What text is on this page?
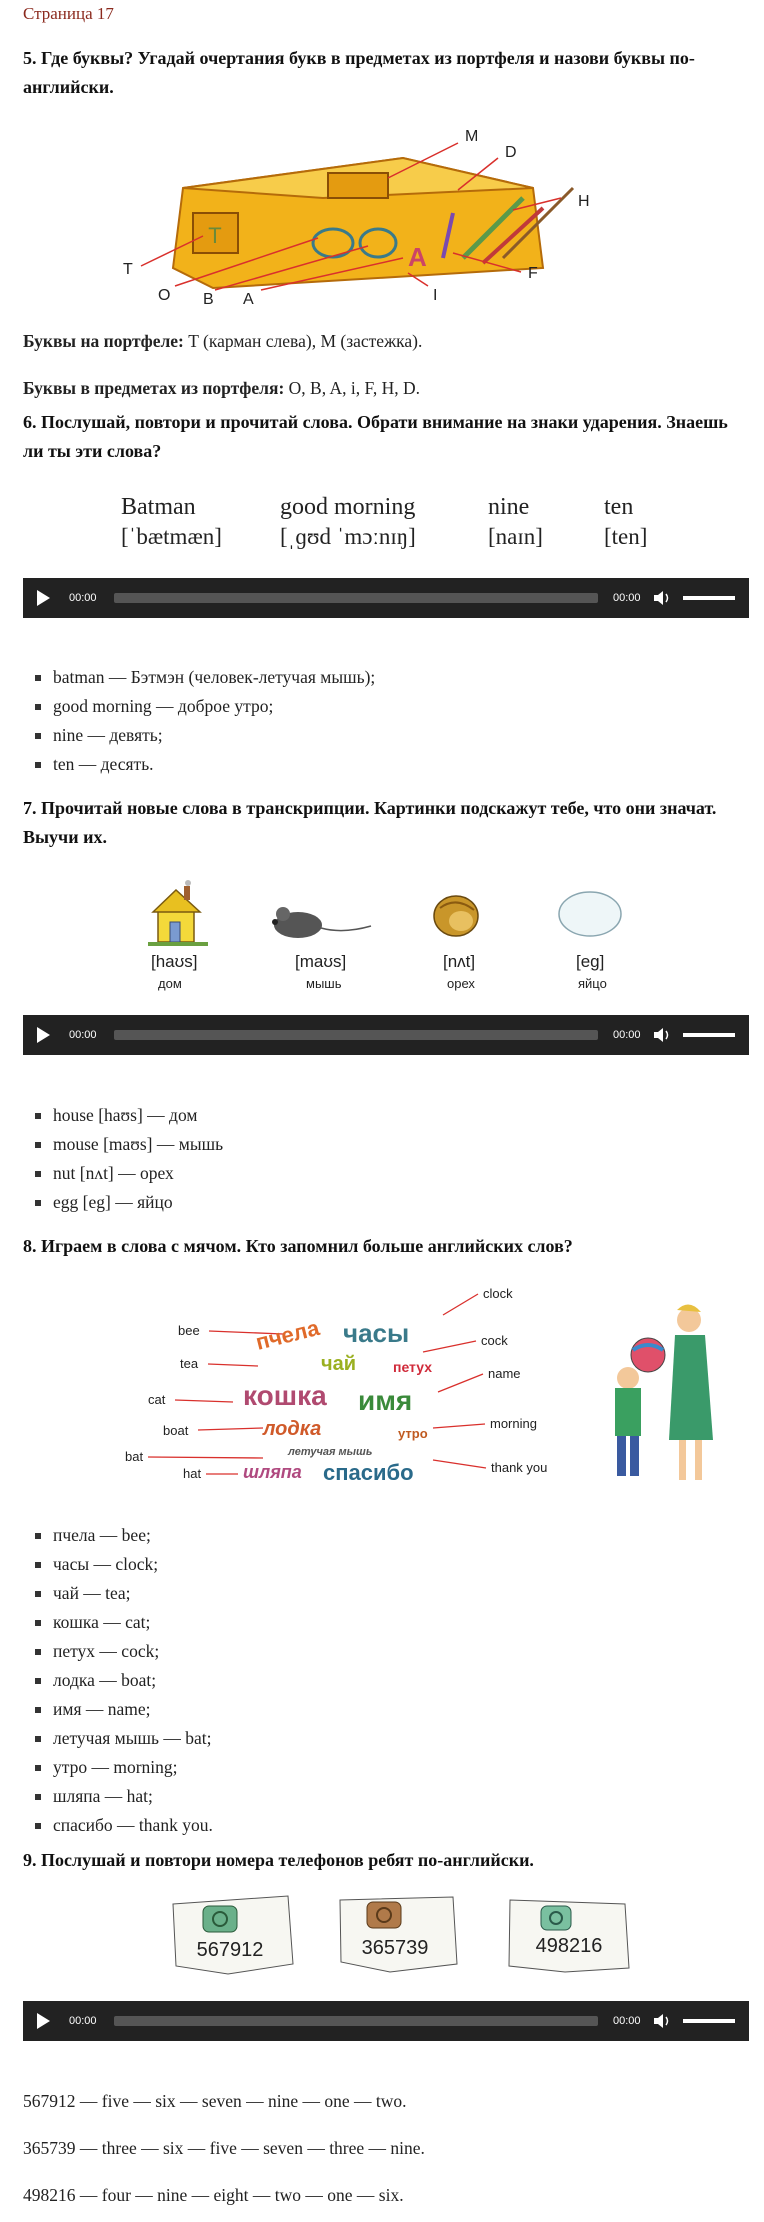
Страница 17
5. Где буквы? Угадай очертания букв в предметах из портфеля и назови буквы по-английски.
T
A
M
D
H
T
O B A	I
F
Буквы на портфеле: T (карман слева), M (застежка).
Буквы в предметах из портфеля: O, B, A, i, F, H, D.
6. Послушай, повтори и прочитай слова. Обрати внимание на знаки ударения. Знаешь ли ты эти слова?
Batman
[ˈbætmæn]
good morning
[ˌɡʊd ˈmɔːnɪŋ]
nine
[naɪn]
ten
[ten]
00:00	00:00
batman — Бэтмэн (человек-летучая мышь);
good morning — доброе утро;
nine — девять;
ten — десять.
7. Прочитай новые слова в транскрипции. Картинки подскажут тебе, что они значат. Выучи их.
[haʊs]
дом
[maʊs]
мышь
[nʌt]
орех
[eg]
яйцо
00:00	00:00
house [haʊs] — дом
mouse [maʊs] — мышь
nut [nʌt] — орех
egg [eg] — яйцо
8. Играем в слова с мячом. Кто запомнил больше английских слов?
bee
tea
cat
boat
bat
hat
clock
cock
name
morning
thank you
пчела часы
чай	петух
кошка имя
лодка
летучая мышь
утро
шляпа спасибо
пчела — bee;
часы — clock;
чай — tea;
кошка — cat;
петух — cock;
лодка — boat;
имя — name;
летучая мышь — bat;
утро — morning;
шляпа — hat;
спасибо — thank you.
9. Послушай и повтори номера телефонов ребят по-английски.
567912	365739	498216
00:00	00:00
567912 — five — six — seven — nine — one — two.
365739 — three — six — five — seven — three — nine.
498216 — four — nine — eight — two — one — six.
